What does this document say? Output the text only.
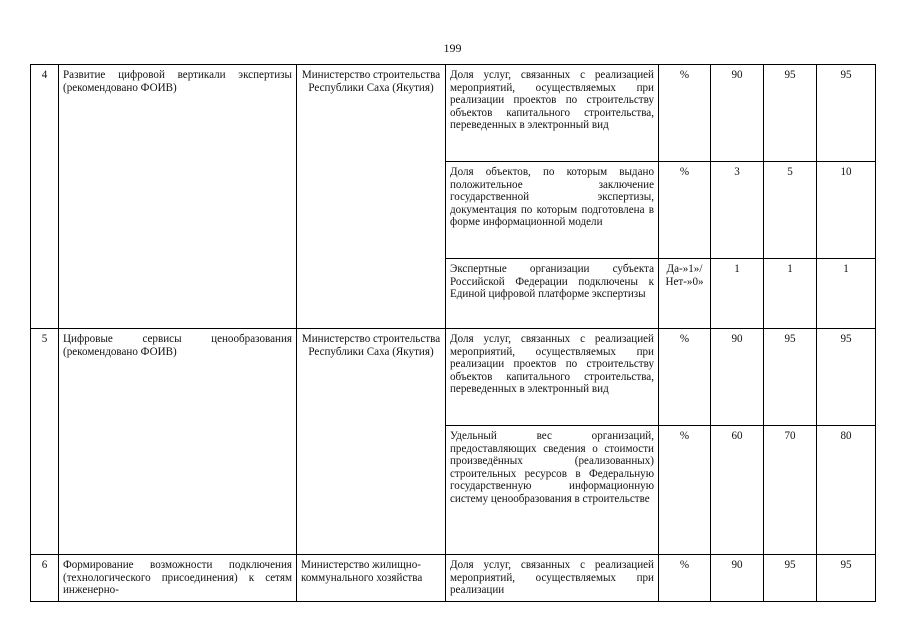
199
4	Развитие цифровой вертикали экспертизы (рекомендовано ФОИВ)	Министерство строительства Республики Саха (Якутия)	Доля услуг, связанных с реализацией мероприятий, осуществляемых при реализации проектов по строительству объектов капитального строительства, переведенных в электронный вид	%	90	95	95
			Доля объектов, по которым выдано положительное заключение государственной экспертизы, документация по которым подготовлена в форме информационной модели	%	3	5	10
			Экспертные организации субъекта Российской Федерации подключены к Единой цифровой платформе экспертизы	Да-»1»/Нет-»0»	1	1	1
5	Цифровые сервисы ценообразования (рекомендовано ФОИВ)	Министерство строительства Республики Саха (Якутия)	Доля услуг, связанных с реализацией мероприятий, осуществляемых при реализации проектов по строительству объектов капитального строительства, переведенных в электронный вид	%	90	95	95
			Удельный вес организаций, предоставляющих сведения о стоимости произведённых (реализованных) строительных ресурсов в Федеральную государственную информационную систему ценообразования в строительстве	%	60	70	80
6	Формирование возможности подключения (технологического присоединения) к сетям инженерно-	Министерство жилищно-коммунального хозяйства	Доля услуг, связанных с реализацией мероприятий, осуществляемых при реализации	%	90	95	95
